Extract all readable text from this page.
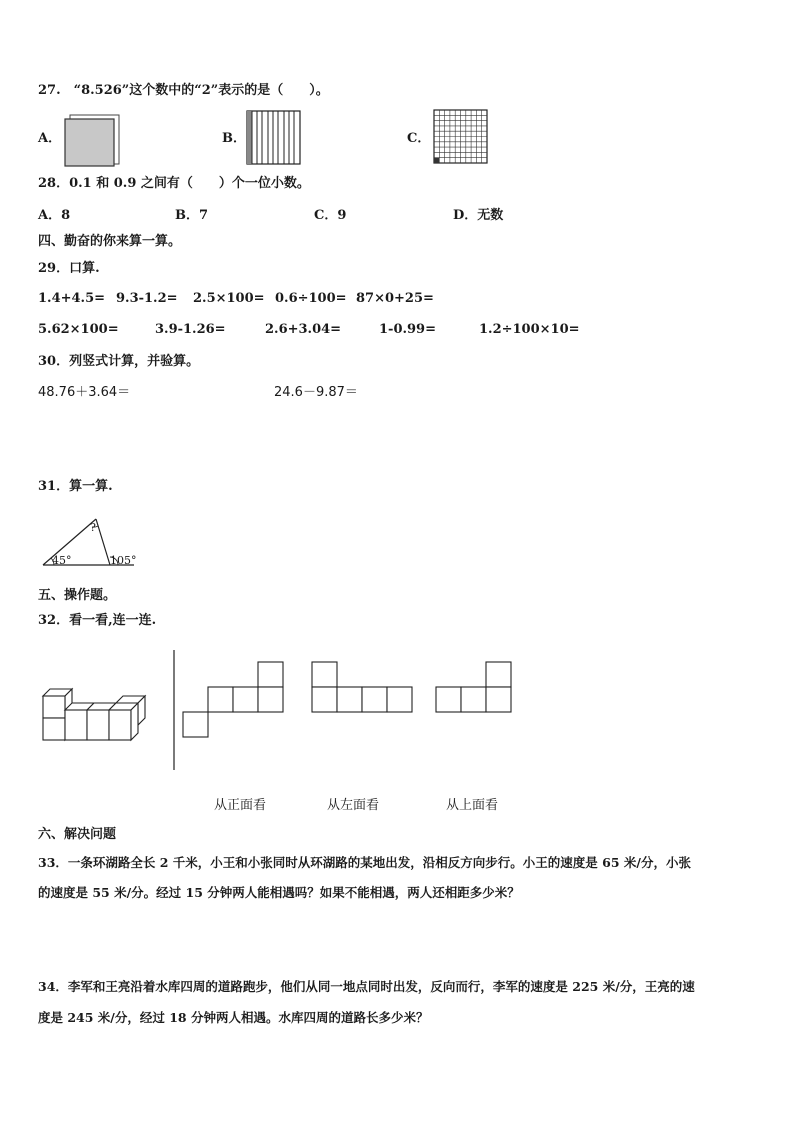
27.　“8.526”这个数中的“2”表示的是（　　）。
A．	B．	C．
28．0.1 和 0.9 之间有（　　）个一位小数。
A．8	B．7	C．9	D．无数
四、勤奋的你来算一算。
29．口算.
1.4+4.5= 9.3-1.2= 2.5×100= 0.6÷100= 87×0+25=
5.62×100=	3.9-1.26=	2.6+3.04=	1-0.99=	1.2÷100×10=
30．列竖式计算，并验算。
48.76＋3.64＝	24.6－9.87＝
31．算一算.
?
45°	105°
五、操作题。
32．看一看,连一连.
从正面看	从左面看	从上面看
六、解决问题
33．一条环湖路全长 2 千米，小王和小张同时从环湖路的某地出发，沿相反方向步行。小王的速度是 65 米/分，小张
的速度是 55 米/分。经过 15 分钟两人能相遇吗？如果不能相遇，两人还相距多少米？
34．李军和王亮沿着水库四周的道路跑步，他们从同一地点同时出发，反向而行，李军的速度是 225 米/分，王亮的速
度是 245 米/分，经过 18 分钟两人相遇。水库四周的道路长多少米？
